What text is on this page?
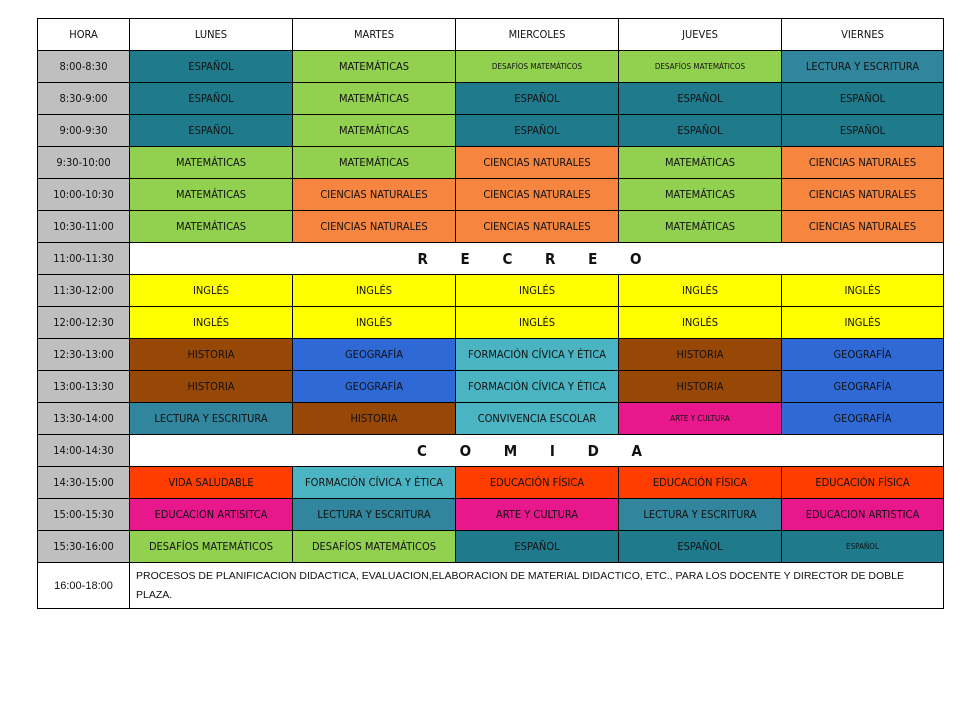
HORA	LUNES	MARTES	MIERCOLES	JUEVES	VIERNES
8:00-8:30	ESPAÑOL	MATEMÁTICAS	DESAFÍOS MATEMÁTICOS	DESAFÍOS MATEMÁTICOS	LECTURA Y ESCRITURA
8:30-9:00	ESPAÑOL	MATEMÁTICAS	ESPAÑOL	ESPAÑOL	ESPAÑOL
9:00-9:30	ESPAÑOL	MATEMÁTICAS	ESPAÑOL	ESPAÑOL	ESPAÑOL
9:30-10:00	MATEMÁTICAS	MATEMÁTICAS	CIENCIAS NATURALES	MATEMÁTICAS	CIENCIAS NATURALES
10:00-10:30	MATEMÁTICAS	CIENCIAS NATURALES	CIENCIAS NATURALES	MATEMÁTICAS	CIENCIAS NATURALES
10:30-11:00	MATEMÁTICAS	CIENCIAS NATURALES	CIENCIAS NATURALES	MATEMÁTICAS	CIENCIAS NATURALES
11:00-11:30	R E C R E O				
11:30-12:00	INGLÉS	INGLÉS	INGLÉS	INGLÉS	INGLÉS
12:00-12:30	INGLÉS	INGLÉS	INGLÉS	INGLÉS	INGLÉS
12:30-13:00	HISTORIA	GEOGRAFÍA	FORMACIÓN CÍVICA Y ÉTICA	HISTORIA	GEOGRAFÍA
13:00-13:30	HISTORIA	GEOGRAFÍA	FORMACIÓN CÍVICA Y ÉTICA	HISTORIA	GEOGRAFÍA
13:30-14:00	LECTURA Y ESCRITURA	HISTORIA	CONVIVENCIA ESCOLAR	ARTE Y CULTURA	GEOGRAFÍA
14:00-14:30	C O M I D A				
14:30-15:00	VIDA SALUDABLE	FORMACIÓN CÍVICA Y ÉTICA	EDUCACIÓN FÍSICA	EDUCACIÓN FÍSICA	EDUCACIÓN FÍSICA
15:00-15:30	EDUCACION ARTISITCA	LECTURA Y ESCRITURA	ARTE Y CULTURA	LECTURA Y ESCRITURA	EDUCACION ARTISTICA
15:30-16:00	DESAFÍOS MATEMÁTICOS	DESAFÍOS MATEMÁTICOS	ESPAÑOL	ESPAÑOL	ESPAÑOL
16:00-18:00	PROCESOS DE PLANIFICACION DIDACTICA, EVALUACION,ELABORACION DE MATERIAL DIDACTICO, ETC., PARA LOS DOCENTE Y DIRECTOR DE DOBLE PLAZA.				
